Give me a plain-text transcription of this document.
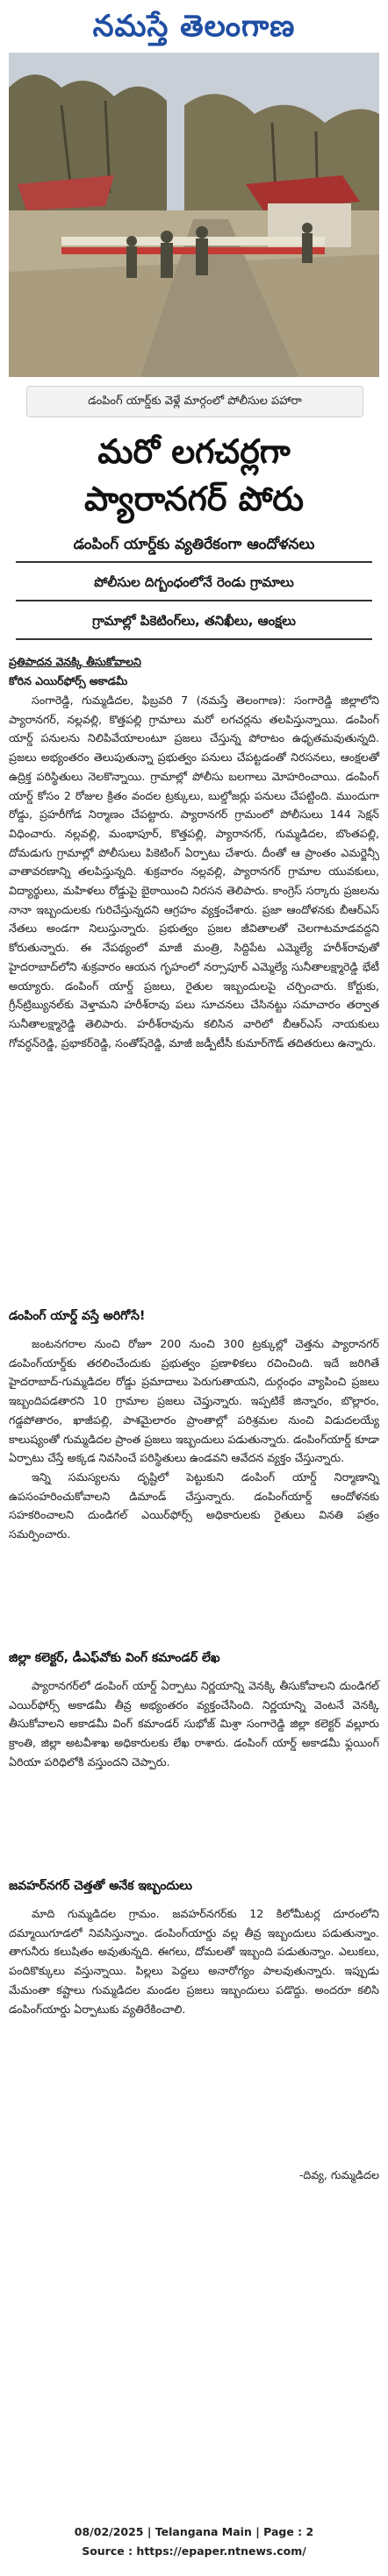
నమస్తే తెలంగాణ
డంపింగ్ యార్డ్‌కు వెళ్లే మార్గంలో పోలీసుల పహారా
మరో లగచర్లగా
ప్యారానగర్ పోరు
డంపింగ్ యార్డ్‌కు వ్యతిరేకంగా ఆందోళనలు
పోలీసుల దిగ్బంధంలోనే రెండు గ్రామాలు
గ్రామాల్లో పికెటింగ్‌లు, తనిఖీలు, ఆంక్షలు
ప్రతిపాదన వెనక్కి తీసుకోవాలని
కోరిన ఎయిర్‌ఫోర్స్ అకాడమీ

సంగారెడ్డి, గుమ్మడిదల, ఫిబ్రవరి 7 (నమస్తే తెలంగాణ): సంగారెడ్డి జిల్లాలోని ప్యారానగర్, నల్లవల్లి, కొత్తపల్లి గ్రామాలు మరో లగచర్లను తలపిస్తున్నాయి. డంపింగ్ యార్డ్ పనులను నిలిపివేయాలంటూ ప్రజలు చేస్తున్న పోరాటం ఉధృతమవుతున్నది. ప్రజలు అభ్యంతరం తెలుపుతున్నా ప్రభుత్వం పనులు చేపట్టడంతో నిరసనలు, ఆంక్షలతో ఉద్రిక్త పరిస్థితులు నెలకొన్నాయి. గ్రామాల్లో పోలీసు బలగాలు మోహరించాయి. డంపింగ్ యార్డ్ కోసం 2 రోజుల క్రితం వందల ట్రక్కులు, బుల్డోజర్లు పనులు చేపట్టింది. ముందుగా రోడ్డు, ప్రహరీగోడ నిర్మాణం చేపట్టారు. ప్యారానగర్ గ్రామంలో పోలీసులు 144 సెక్షన్ విధించారు. నల్లవల్లి, మంభాపూర్, కొత్తపల్లి, ప్యారానగర్, గుమ్మడిదల, బొంతపల్లి, దోమడుగు గ్రామాల్లో పోలీసులు పికెటింగ్ ఏర్పాటు చేశారు. దీంతో ఆ ప్రాంతం ఎమర్జెన్సీ వాతావరణాన్ని తలపిస్తున్నది. శుక్రవారం నల్లవల్లి, ప్యారానగర్ గ్రామాల యువకులు, విద్యార్థులు, మహిళలు రోడ్డుపై బైఠాయించి నిరసన తెలిపారు. కాంగ్రెస్ సర్కారు ప్రజలను నానా ఇబ్బందులకు గురిచేస్తున్నదని ఆగ్రహం వ్యక్తంచేశారు. ప్రజా ఆందోళనకు బీఆర్ఎస్ నేతలు అండగా నిలుస్తున్నారు. ప్రభుత్వం ప్రజల జీవితాలతో చెలగాటమాడవద్దని కోరుతున్నారు. ఈ నేపథ్యంలో మాజీ మంత్రి, సిద్దిపేట ఎమ్మెల్యే హరీశ్‌రావుతో హైదరాబాద్‌లోని శుక్రవారం ఆయన గృహంలో నర్సాపూర్ ఎమ్మెల్యే సునీతాలక్ష్మారెడ్డి భేటీ అయ్యారు. డంపింగ్ యార్డ్ ప్రజలు, రైతుల ఇబ్బందులపై చర్చించారు. కోర్టుకు, గ్రీన్‌ట్రిబ్యునల్‌కు వెళ్తామని హరీశ్‌రావు పలు సూచనలు చేసినట్టు సమాచారం తర్వాత సునీతాలక్ష్మారెడ్డి తెలిపారు. హరీశ్‌రావును కలిసిన వారిలో బీఆర్ఎస్ నాయకులు గోవర్ధన్‌రెడ్డి, ప్రభాకర్‌రెడ్డి, సంతోష్‌రెడ్డి, మాజీ జడ్పీటీసీ కుమార్‌గౌడ్ తదితరులు ఉన్నారు.

డంపింగ్ యార్డ్ వస్తే అరిగోసే!

జంటనగరాల నుంచి రోజూ 200 నుంచి 300 ట్రక్కుల్లో చెత్తను ప్యారానగర్ డంపింగ్‌యార్డ్‌కు తరలించేందుకు ప్రభుత్వం ప్రణాళికలు రచించింది. ఇదే జరిగితే హైదరాబాద్-గుమ్మడిదల రోడ్డు ప్రమాదాలు పెరుగుతాయని, దుర్గంధం వ్యాపించి ప్రజలు ఇబ్బందిపడతారని 10 గ్రామాల ప్రజలు చెప్తున్నారు. ఇప్పటికే జిన్నారం, బొల్లారం, గడ్డపోతారం, ఖాజీపల్లి, పాశమైలారం ప్రాంతాల్లో పరిశ్రమల నుంచి విడుదలయ్యే కాలుష్యంతో గుమ్మడిదల ప్రాంత ప్రజలు ఇబ్బందులు పడుతున్నారు. డంపింగ్‌యార్డ్ కూడా ఏర్పాటు చేస్తే అక్కడ నివసించే పరిస్థితులు ఉండవని ఆవేదన వ్యక్తం చేస్తున్నారు.

ఇన్ని సమస్యలను దృష్టిలో పెట్టుకుని డంపింగ్ యార్డ్ నిర్మాణాన్ని ఉపసంహరించుకోవాలని డిమాండ్ చేస్తున్నారు. డంపింగ్‌యార్డ్ ఆందోళనకు సహకరించాలని దుండిగల్ ఎయిర్‌ఫోర్స్ అధికారులకు రైతులు వినతి పత్రం సమర్పించారు.

జిల్లా కలెక్టర్, డీఎఫ్‌వోకు వింగ్ కమాండర్ లేఖ

ప్యారానగర్‌లో డంపింగ్ యార్డ్ ఏర్పాటు నిర్ణయాన్ని వెనక్కి తీసుకోవాలని దుండిగల్ ఎయిర్‌ఫోర్స్ అకాడమీ తీవ్ర అభ్యంతరం వ్యక్తంచేసింది. నిర్ణయాన్ని వెంటనే వెనక్కి తీసుకోవాలని అకాడమీ వింగ్ కమాండర్ సుభోజ్ మిశ్రా సంగారెడ్డి జిల్లా కలెక్టర్ వల్లూరు క్రాంతి, జిల్లా అటవీశాఖ అధికారులకు లేఖ రాశారు. డంపింగ్ యార్డ్ అకాడమీ ఫ్లయింగ్ ఏరియా పరిధిలోకి వస్తుందని చెప్పారు.

జవహర్‌నగర్ చెత్తతో అనేక ఇబ్బందులు

మాది గుమ్మడిదల గ్రామం. జవహర్‌నగర్‌కు 12 కిలోమీటర్ల దూరంలోని దమ్మాయిగూడలో నివసిస్తున్నాం. డంపింగ్‌యార్డు వల్ల తీవ్ర ఇబ్బందులు పడుతున్నాం. తాగునీరు కలుషితం అవుతున్నది. ఈగలు, దోమలతో ఇబ్బంది పడుతున్నాం. ఎలుకలు, పందికొక్కులు వస్తున్నాయి. పిల్లలు పెద్దలు అనారోగ్యం పాలవుతున్నారు. ఇప్పుడు మేమంతా కష్టాలు గుమ్మడిదల మండల ప్రజలు ఇబ్బందులు పడొద్దు. అందరూ కలిసి డంపింగ్‌యార్డు ఏర్పాటుకు వ్యతిరేకించాలి.

-దివ్య, గుమ్మడిదల
08/02/2025 | Telangana Main | Page : 2
Source : https://epaper.ntnews.com/
